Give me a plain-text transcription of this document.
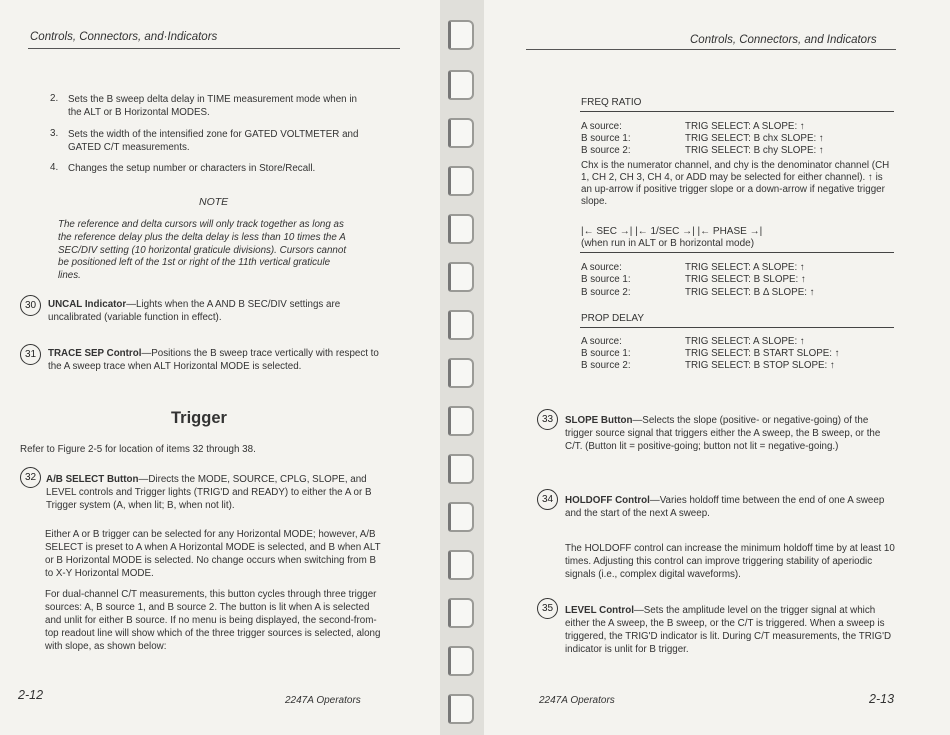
Controls, Connectors, and·Indicators
2. Sets the B sweep delta delay in TIME measurement mode when in the ALT or B Horizontal MODES.

3. Sets the width of the intensified zone for GATED VOLTMETER and GATED C/T measurements.

4. Changes the setup number or characters in Store/Recall.

NOTE

The reference and delta cursors will only track together as long as the reference delay plus the delta delay is less than 10 times the A SEC/DIV setting (10 horizontal graticule divisions). Cursors cannot be positioned left of the 1st or right of the 11th vertical graticule lines.

30	UNCAL Indicator—Lights when the A AND B SEC/DIV settings are uncalibrated (variable function in effect).

31	TRACE SEP Control—Positions the B sweep trace vertically with respect to the A sweep trace when ALT Horizontal MODE is selected.

Trigger

Refer to Figure 2-5 for location of items 32 through 38.

32	A/B SELECT Button—Directs the MODE, SOURCE, CPLG, SLOPE, and LEVEL controls and Trigger lights (TRIG'D and READY) to either the A or B Trigger system (A, when lit; B, when not lit).

Either A or B trigger can be selected for any Horizontal MODE; however, A/B SELECT is preset to A when A Horizontal MODE is selected, and B when ALT or B Horizontal MODE is selected. No change occurs when switching from B to X-Y Horizontal MODE.

For dual-channel C/T measurements, this button cycles through three trigger sources: A, B source 1, and B source 2. The button is lit when A is selected and unlit for either B source. If no menu is being displayed, the second-from-top readout line will show which of the three trigger sources is selected, along with slope, as shown below:

2-12	2247A Operators
Controls, Connectors, and Indicators
FREQ RATIO
A source:	TRIG SELECT: A SLOPE: ↑
B source 1:	TRIG SELECT: B chx SLOPE: ↑
B source 2:	TRIG SELECT: B chy SLOPE: ↑

Chx is the numerator channel, and chy is the denominator channel (CH 1, CH 2, CH 3, CH 4, or ADD may be selected for either channel). ↑ is an up-arrow if positive trigger slope or a down-arrow if negative trigger slope.

|← SEC →| |← 1/SEC →| |← PHASE →|
(when run in ALT or B horizontal mode)
A source:	TRIG SELECT: A SLOPE: ↑
B source 1:	TRIG SELECT: B SLOPE: ↑
B source 2:	TRIG SELECT: B Δ SLOPE: ↑
PROP DELAY
A source:	TRIG SELECT: A SLOPE: ↑
B source 1:	TRIG SELECT: B START SLOPE: ↑
B source 2:	TRIG SELECT: B STOP SLOPE: ↑
33	SLOPE Button—Selects the slope (positive- or negative-going) of the trigger source signal that triggers either the A sweep, the B sweep, or the C/T. (Button lit = positive-going; button not lit = negative-going.)

34	HOLDOFF Control—Varies holdoff time between the end of one A sweep and the start of the next A sweep.

The HOLDOFF control can increase the minimum holdoff time by at least 10 times. Adjusting this control can improve triggering stability of aperiodic signals (i.e., complex digital waveforms).

35	LEVEL Control—Sets the amplitude level on the trigger signal at which either the A sweep, the B sweep, or the C/T is triggered. When a sweep is triggered, the TRIG'D indicator is lit. During C/T measurements, the TRIG'D indicator is unlit for B trigger.

2247A Operators	2-13
